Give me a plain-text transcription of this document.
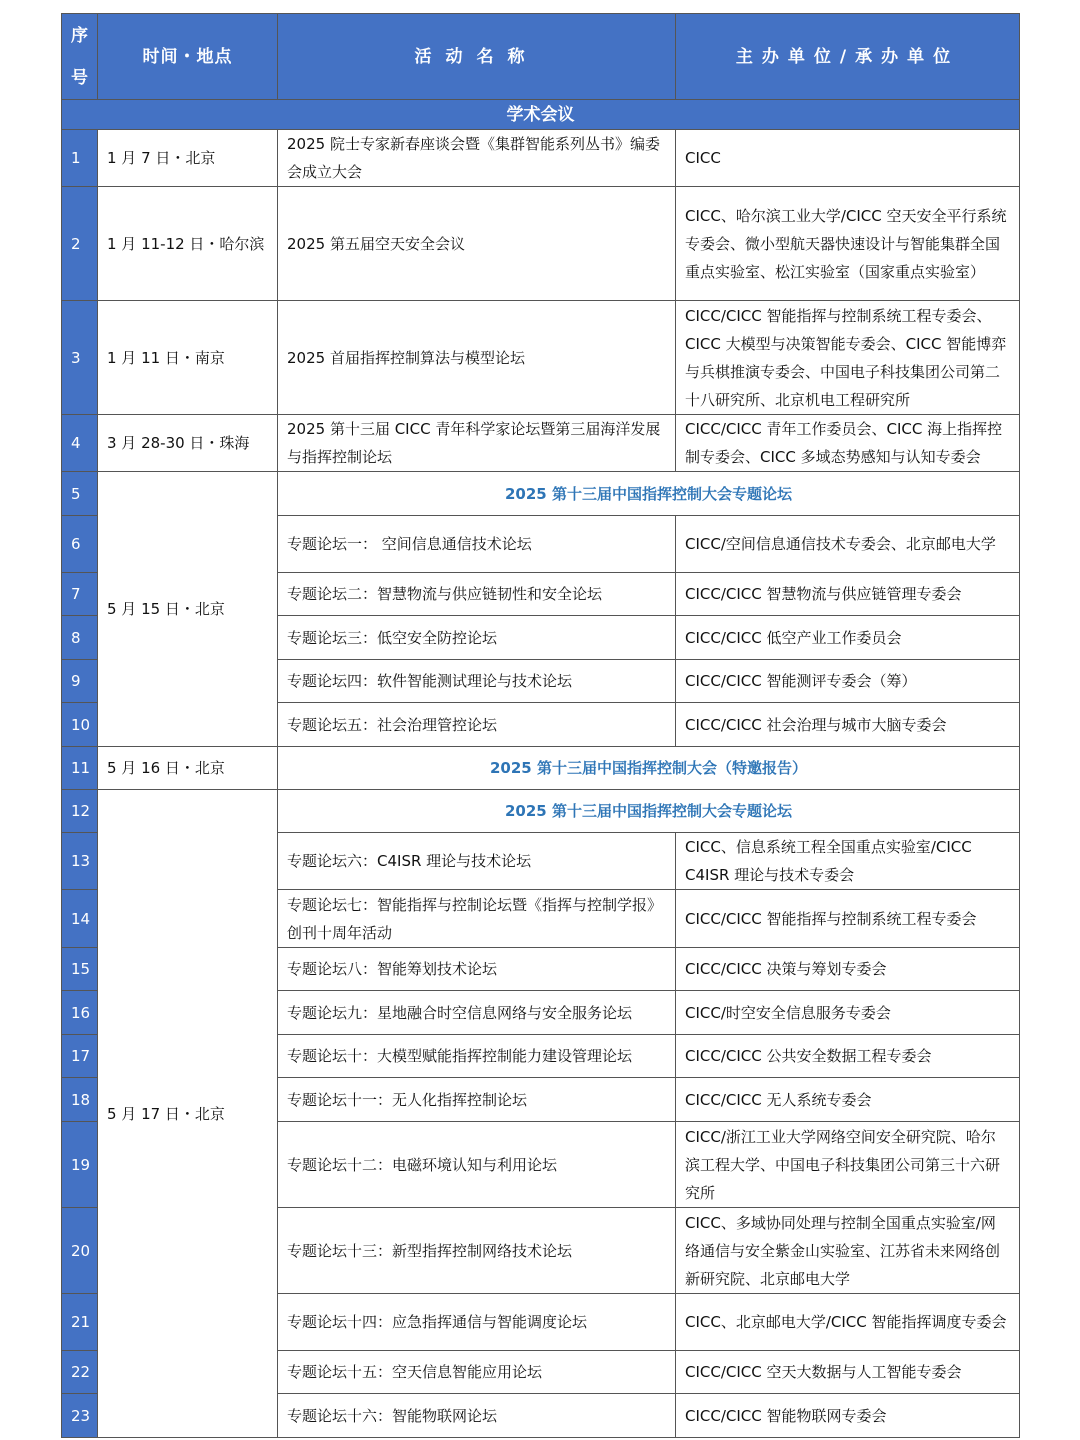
序号	时间・地点	活动名称	主办单位/承办单位
学术会议			
1	1 月 7 日・北京	2025 院士专家新春座谈会暨《集群智能系列丛书》编委会成立大会	CICC
2	1 月 11-12 日・哈尔滨	2025 第五届空天安全会议	CICC、哈尔滨工业大学/CICC 空天安全平行系统专委会、微小型航天器快速设计与智能集群全国重点实验室、松江实验室（国家重点实验室）
3	1 月 11 日・南京	2025 首届指挥控制算法与模型论坛	CICC/CICC 智能指挥与控制系统工程专委会、CICC 大模型与决策智能专委会、CICC 智能博弈与兵棋推演专委会、中国电子科技集团公司第二十八研究所、北京机电工程研究所
4	3 月 28-30 日・珠海	2025 第十三届 CICC 青年科学家论坛暨第三届海洋发展与指挥控制论坛	CICC/CICC 青年工作委员会、CICC 海上指挥控制专委会、CICC 多域态势感知与认知专委会
5	5 月 15 日・北京	2025 第十三届中国指挥控制大会专题论坛	
6		专题论坛一： 空间信息通信技术论坛	CICC/空间信息通信技术专委会、北京邮电大学
7		专题论坛二：智慧物流与供应链韧性和安全论坛	CICC/CICC 智慧物流与供应链管理专委会
8		专题论坛三：低空安全防控论坛	CICC/CICC 低空产业工作委员会
9		专题论坛四：软件智能测试理论与技术论坛	CICC/CICC 智能测评专委会（筹）
10		专题论坛五：社会治理管控论坛	CICC/CICC 社会治理与城市大脑专委会
11	5 月 16 日・北京	2025 第十三届中国指挥控制大会（特邀报告）	
12	5 月 17 日・北京	2025 第十三届中国指挥控制大会专题论坛	
13		专题论坛六：C4ISR 理论与技术论坛	CICC、信息系统工程全国重点实验室/CICC C4ISR 理论与技术专委会
14		专题论坛七：智能指挥与控制论坛暨《指挥与控制学报》创刊十周年活动	CICC/CICC 智能指挥与控制系统工程专委会
15		专题论坛八：智能筹划技术论坛	CICC/CICC 决策与筹划专委会
16		专题论坛九：星地融合时空信息网络与安全服务论坛	CICC/时空安全信息服务专委会
17		专题论坛十：大模型赋能指挥控制能力建设管理论坛	CICC/CICC 公共安全数据工程专委会
18		专题论坛十一：无人化指挥控制论坛	CICC/CICC 无人系统专委会
19		专题论坛十二：电磁环境认知与利用论坛	CICC/浙江工业大学网络空间安全研究院、哈尔滨工程大学、中国电子科技集团公司第三十六研究所
20		专题论坛十三：新型指挥控制网络技术论坛	CICC、多域协同处理与控制全国重点实验室/网络通信与安全紫金山实验室、江苏省未来网络创新研究院、北京邮电大学
21		专题论坛十四：应急指挥通信与智能调度论坛	CICC、北京邮电大学/CICC 智能指挥调度专委会
22		专题论坛十五：空天信息智能应用论坛	CICC/CICC 空天大数据与人工智能专委会
23		专题论坛十六：智能物联网论坛	CICC/CICC 智能物联网专委会
